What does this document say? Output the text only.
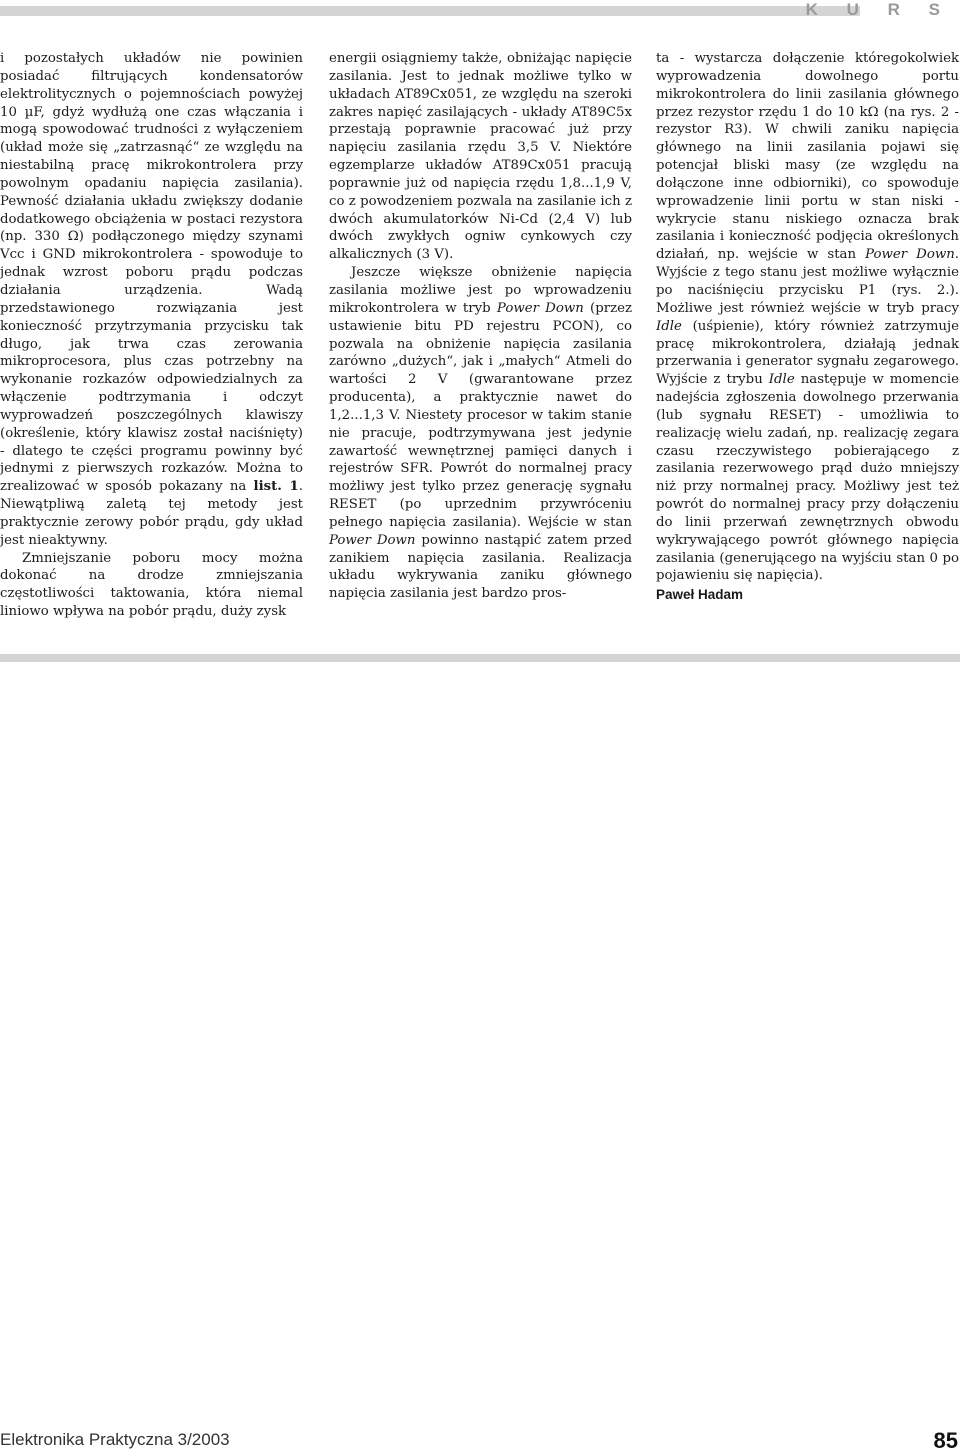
K U R S

i pozostałych układów nie powinien posiadać filtrujących kondensatorów elektrolitycznych o pojemnościach powyżej 10 µF, gdyż wydłużą one czas włączania i mogą spowodować trudności z wyłączeniem (układ może się „zatrzasnąć“ ze względu na niestabilną pracę mikrokontrolera przy powolnym opadaniu napięcia zasilania). Pewność działania układu zwiększy dodanie dodatkowego obciążenia w postaci rezystora (np. 330 Ω) podłączonego między szynami Vcc i GND mikrokontrolera - spowoduje to jednak wzrost poboru prądu podczas działania urządzenia. Wadą przedstawionego rozwiązania jest konieczność przytrzymania przycisku tak długo, jak trwa czas zerowania mikroprocesora, plus czas potrzebny na wykonanie rozkazów odpowiedzialnych za włączenie podtrzymania i odczyt wyprowadzeń poszczególnych klawiszy (określenie, który klawisz został naciśnięty) - dlatego te części programu powinny być jednymi z pierwszych rozkazów. Można to zrealizować w sposób pokazany na list. 1. Niewątpliwą zaletą tej metody jest praktycznie zerowy pobór prądu, gdy układ jest nieaktywny.

Zmniejszanie poboru mocy można dokonać na drodze zmniejszania częstotliwości taktowania, która niemal liniowo wpływa na pobór prądu, duży zysk

energii osiągniemy także, obniżając napięcie zasilania. Jest to jednak możliwe tylko w układach AT89Cx051, ze względu na szeroki zakres napięć zasilających - układy AT89C5x przestają poprawnie pracować już przy napięciu zasilania rzędu 3,5 V. Niektóre egzemplarze układów AT89Cx051 pracują poprawnie już od napięcia rzędu 1,8...1,9 V, co z powodzeniem pozwala na zasilanie ich z dwóch akumulatorków Ni-Cd (2,4 V) lub dwóch zwykłych ogniw cynkowych czy alkalicznych (3 V).

Jeszcze większe obniżenie napięcia zasilania możliwe jest po wprowadzeniu mikrokontrolera w tryb Power Down (przez ustawienie bitu PD rejestru PCON), co pozwala na obniżenie napięcia zasilania zarówno „dużych“, jak i „małych“ Atmeli do wartości 2 V (gwarantowane przez producenta), a praktycznie nawet do 1,2...1,3 V. Niestety procesor w takim stanie nie pracuje, podtrzymywana jest jedynie zawartość wewnętrznej pamięci danych i rejestrów SFR. Powrót do normalnej pracy możliwy jest tylko przez generację sygnału RESET (po uprzednim przywróceniu pełnego napięcia zasilania). Wejście w stan Power Down powinno nastąpić zatem przed zanikiem napięcia zasilania. Realizacja układu wykrywania zaniku głównego napięcia zasilania jest bardzo pros-

ta - wystarcza dołączenie któregokolwiek wyprowadzenia dowolnego portu mikrokontrolera do linii zasilania głównego przez rezystor rzędu 1 do 10 kΩ (na rys. 2 - rezystor R3). W chwili zaniku napięcia głównego na linii zasilania pojawi się potencjał bliski masy (ze względu na dołączone inne odbiorniki), co spowoduje wprowadzenie linii portu w stan niski - wykrycie stanu niskiego oznacza brak zasilania i konieczność podjęcia określonych działań, np. wejście w stan Power Down. Wyjście z tego stanu jest możliwe wyłącznie po naciśnięciu przycisku P1 (rys. 2.). Możliwe jest również wejście w tryb pracy Idle (uśpienie), który również zatrzymuje pracę mikrokontrolera, działają jednak przerwania i generator sygnału zegarowego. Wyjście z trybu Idle następuje w momencie nadejścia zgłoszenia dowolnego przerwania (lub sygnału RESET) - umożliwia to realizację wielu zadań, np. realizację zegara czasu rzeczywistego pobierającego z zasilania rezerwowego prąd dużo mniejszy niż przy normalnej pracy. Możliwy jest też powrót do normalnej pracy przy dołączeniu do linii przerwań zewnętrznych obwodu wykrywającego powrót głównego napięcia zasilania (generującego na wyjściu stan 0 po pojawieniu się napięcia).

Paweł Hadam
Elektronika Praktyczna 3/2003	85
